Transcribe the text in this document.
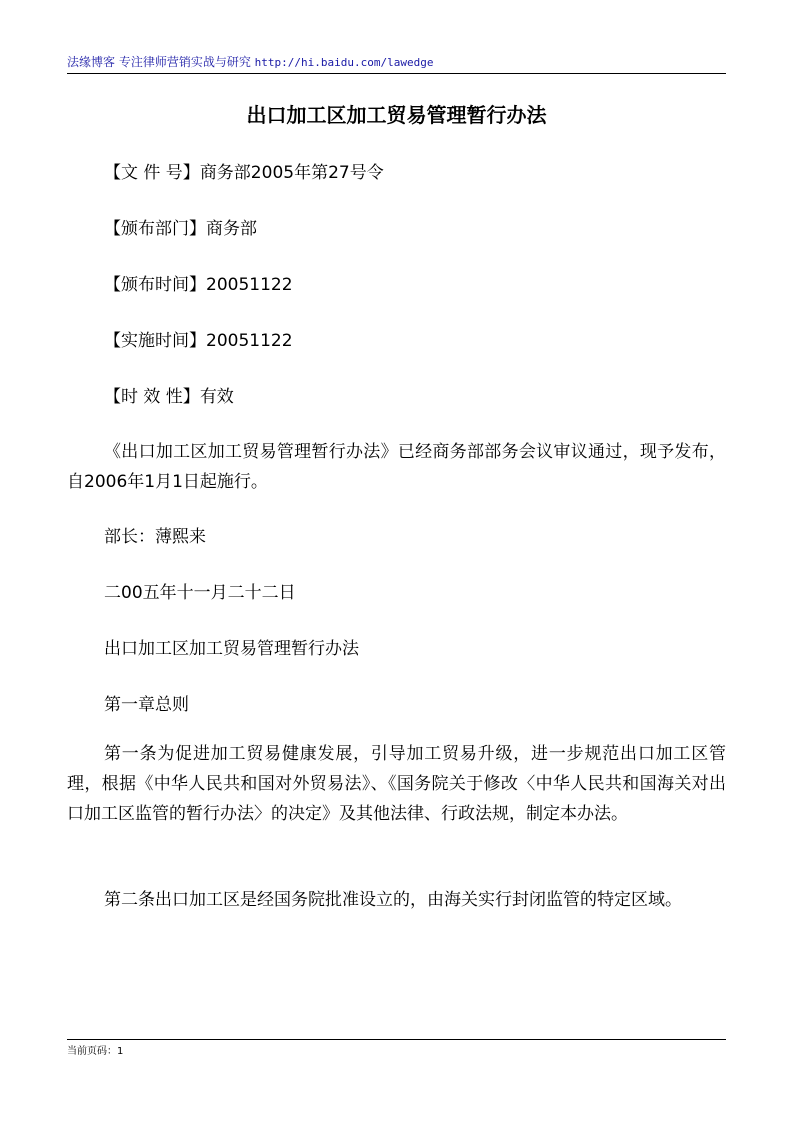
法缘博客 专注律师营销实战与研究 http://hi.baidu.com/lawedge
出口加工区加工贸易管理暂行办法

【文 件 号】商务部2005年第27号令

【颁布部门】商务部

【颁布时间】20051122

【实施时间】20051122

【时 效 性】有效

《出口加工区加工贸易管理暂行办法》已经商务部部务会议审议通过，现予发布，自2006年1月1日起施行。

部长：薄熙来

二00五年十一月二十二日

出口加工区加工贸易管理暂行办法

第一章总则

第一条为促进加工贸易健康发展，引导加工贸易升级，进一步规范出口加工区管理，根据《中华人民共和国对外贸易法》、《国务院关于修改〈中华人民共和国海关对出口加工区监管的暂行办法〉的决定》及其他法律、行政法规，制定本办法。

第二条出口加工区是经国务院批准设立的，由海关实行封闭监管的特定区域。

当前页码：1
